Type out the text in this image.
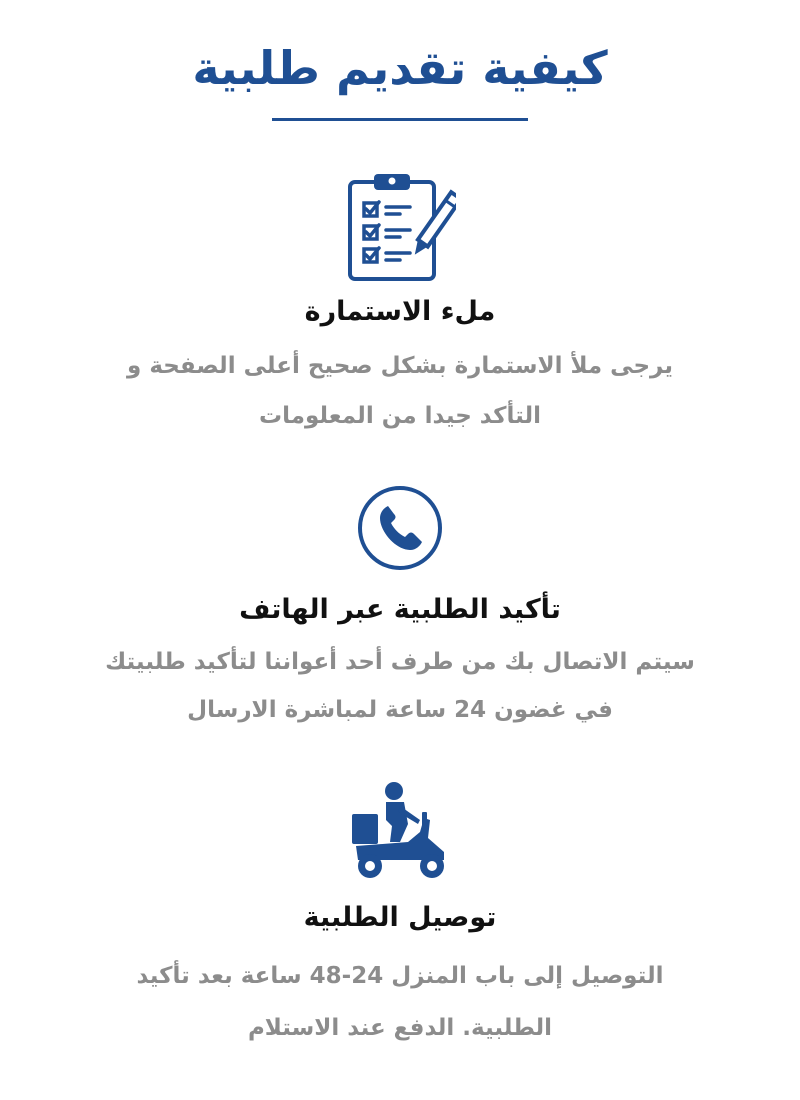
كيفية تقديم طلبية
ملء الاستمارة

يرجى ملأ الاستمارة بشكل صحيح أعلى الصفحة و

التأكد جيدا من المعلومات

تأكيد الطلبية عبر الهاتف

سيتم الاتصال بك من طرف أحد أعواننا لتأكيد طلبيتك

في غضون 24 ساعة لمباشرة الارسال

توصيل الطلبية

التوصيل إلى باب المنزل 24-48 ساعة بعد تأكيد

الطلبية. الدفع عند الاستلام
